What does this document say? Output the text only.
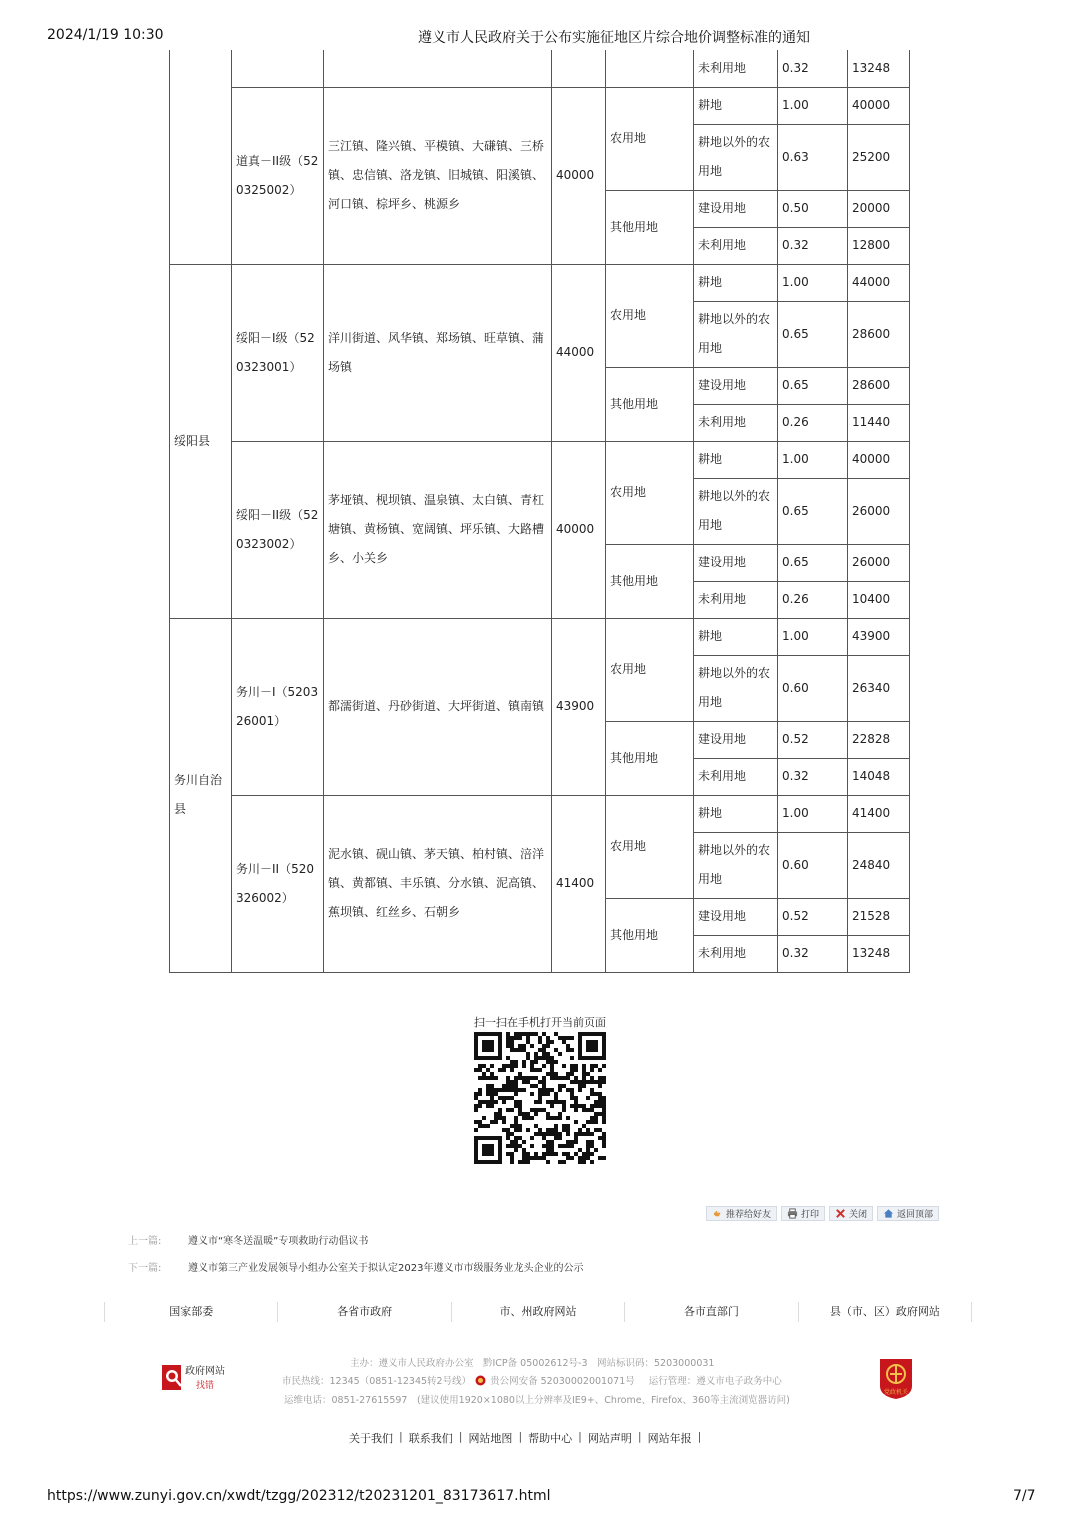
2024/1/19 10:30	遵义市人民政府关于公布实施征地区片综合地价调整标准的通知
					未利用地	0.32	13248
	道真－II级（520325002）	三江镇、隆兴镇、平模镇、大磏镇、三桥镇、忠信镇、洛龙镇、旧城镇、阳溪镇、河口镇、棕坪乡、桃源乡	40000	农用地	耕地	1.00	40000
					耕地以外的农用地	0.63	25200
				其他用地	建设用地	0.50	20000
					未利用地	0.32	12800
绥阳县	绥阳－I级（520323001）	洋川街道、风华镇、郑场镇、旺草镇、蒲场镇	44000	农用地	耕地	1.00	44000
					耕地以外的农用地	0.65	28600
				其他用地	建设用地	0.65	28600
					未利用地	0.26	11440
	绥阳－II级（520323002）	茅垭镇、枧坝镇、温泉镇、太白镇、青杠塘镇、黄杨镇、宽阔镇、坪乐镇、大路槽乡、小关乡	40000	农用地	耕地	1.00	40000
					耕地以外的农用地	0.65	26000
				其他用地	建设用地	0.65	26000
					未利用地	0.26	10400
务川自治县	务川－I（520326001）	都濡街道、丹砂街道、大坪街道、镇南镇	43900	农用地	耕地	1.00	43900
					耕地以外的农用地	0.60	26340
				其他用地	建设用地	0.52	22828
					未利用地	0.32	14048
	务川－II（520326002）	泥水镇、砚山镇、茅天镇、柏村镇、涪洋镇、黄都镇、丰乐镇、分水镇、泥高镇、蕉坝镇、红丝乡、石朝乡	41400	农用地	耕地	1.00	41400
					耕地以外的农用地	0.60	24840
				其他用地	建设用地	0.52	21528
					未利用地	0.32	13248
扫一扫在手机打开当前页面
推荐给好友	打印	关闭	返回顶部
上一篇:	遵义市“寒冬送温暖”专项救助行动倡议书
下一篇:	遵义市第三产业发展领导小组办公室关于拟认定2023年遵义市市级服务业龙头企业的公示
国家部委	各省市政府	市、州政府网站	各市直部门	县（市、区）政府网站
政府网站
找错
主办：遵义市人民政府办公室　黔ICP备 05002612号-3　网站标识码：5203000031
市民热线：12345（0851-12345转2号线） 贵公网安备 52030002001071号 运行管理：遵义市电子政务中心
运维电话：0851-27615597　(建议使用1920×1080以上分辨率及IE9+、Chrome、Firefox、360等主流浏览器访问)
党政机关
关于我们 | 联系我们 | 网站地图 | 帮助中心 | 网站声明 | 网站年报 |
https://www.zunyi.gov.cn/xwdt/tzgg/202312/t20231201_83173617.html	7/7
